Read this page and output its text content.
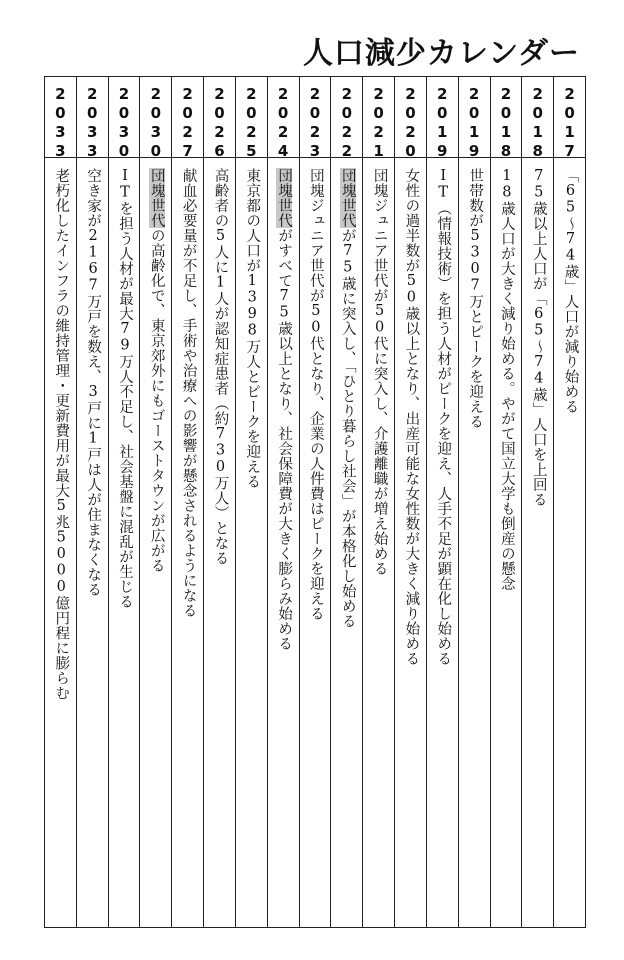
人口減少カレンダー
2017
「65～74歳」人口が減り始める
2018
75歳以上人口が「65～74歳」人口を上回る
2018
18歳人口が大きく減り始める。やがて国立大学も倒産の懸念
2019
世帯数が5307万とピークを迎える
2019
IT（情報技術）を担う人材がピークを迎え、人手不足が顕在化し始める
2020
女性の過半数が50歳以上となり、出産可能な女性数が大きく減り始める
2021
団塊ジュニア世代が50代に突入し、介護離職が増え始める
2022
団塊世代が75歳に突入し、「ひとり暮らし社会」が本格化し始める
2023
団塊ジュニア世代が50代となり、企業の人件費はピークを迎える
2024
団塊世代がすべて75歳以上となり、社会保障費が大きく膨らみ始める
2025
東京都の人口が1398万人とピークを迎える
2026
高齢者の5人に1人が認知症患者（約730万人）となる
2027
献血必要量が不足し、手術や治療への影響が懸念されるようになる
2030
団塊世代の高齢化で、東京郊外にもゴーストタウンが広がる
2030
ITを担う人材が最大79万人不足し、社会基盤に混乱が生じる
2033
空き家が2167万戸を数え、3戸に1戸は人が住まなくなる
2033
老朽化したインフラの維持管理・更新費用が最大5兆5000億円程に膨らむ
